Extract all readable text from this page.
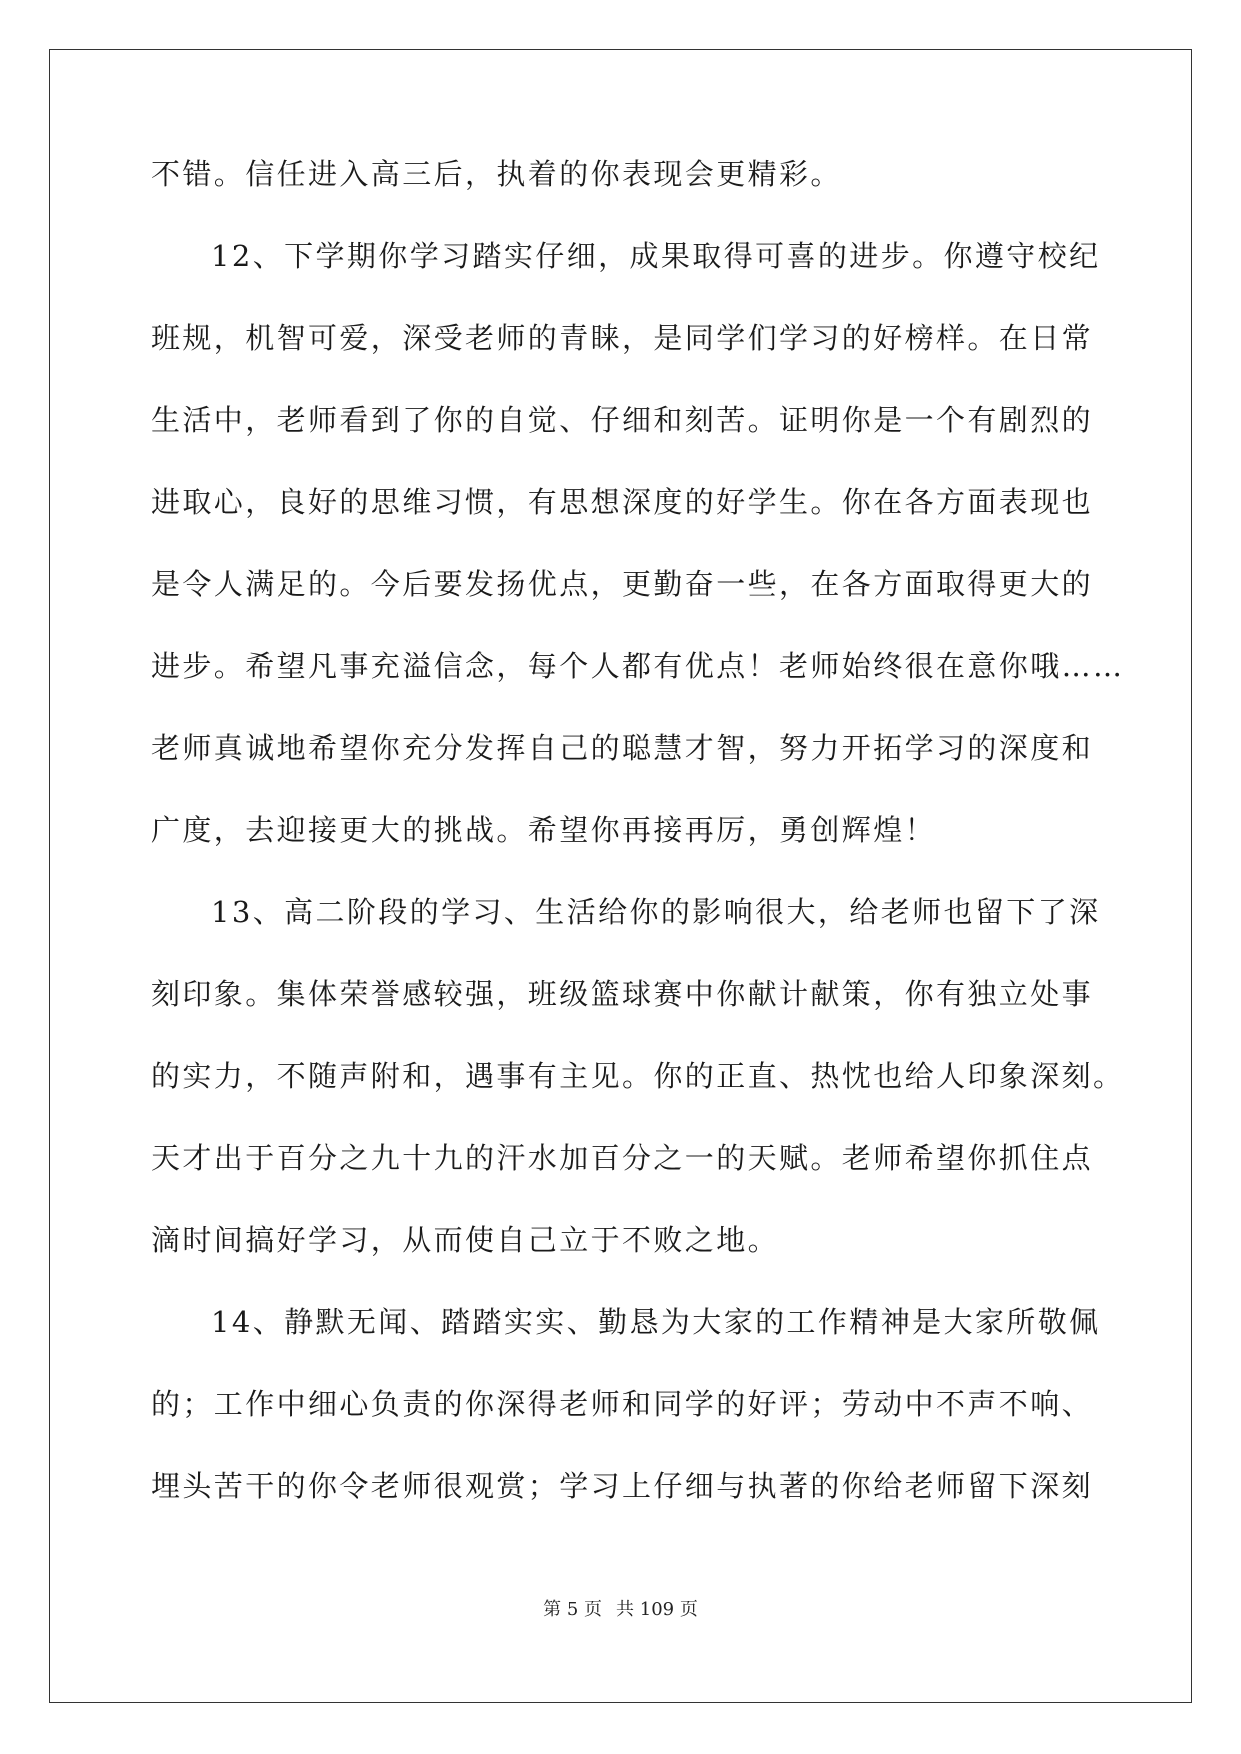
不错。信任进入高三后，执着的你表现会更精彩。
12、下学期你学习踏实仔细，成果取得可喜的进步。你遵守校纪
班规，机智可爱，深受老师的青睐，是同学们学习的好榜样。在日常
生活中，老师看到了你的自觉、仔细和刻苦。证明你是一个有剧烈的
进取心，良好的思维习惯，有思想深度的好学生。你在各方面表现也
是令人满足的。今后要发扬优点，更勤奋一些，在各方面取得更大的
进步。希望凡事充溢信念，每个人都有优点！老师始终很在意你哦……
老师真诚地希望你充分发挥自己的聪慧才智，努力开拓学习的深度和
广度，去迎接更大的挑战。希望你再接再厉，勇创辉煌！
13、高二阶段的学习、生活给你的影响很大，给老师也留下了深
刻印象。集体荣誉感较强，班级篮球赛中你献计献策，你有独立处事
的实力，不随声附和，遇事有主见。你的正直、热忱也给人印象深刻。
天才出于百分之九十九的汗水加百分之一的天赋。老师希望你抓住点
滴时间搞好学习，从而使自己立于不败之地。
14、静默无闻、踏踏实实、勤恳为大家的工作精神是大家所敬佩
的；工作中细心负责的你深得老师和同学的好评；劳动中不声不响、
埋头苦干的你令老师很观赏；学习上仔细与执著的你给老师留下深刻
第 5 页 共 109 页
